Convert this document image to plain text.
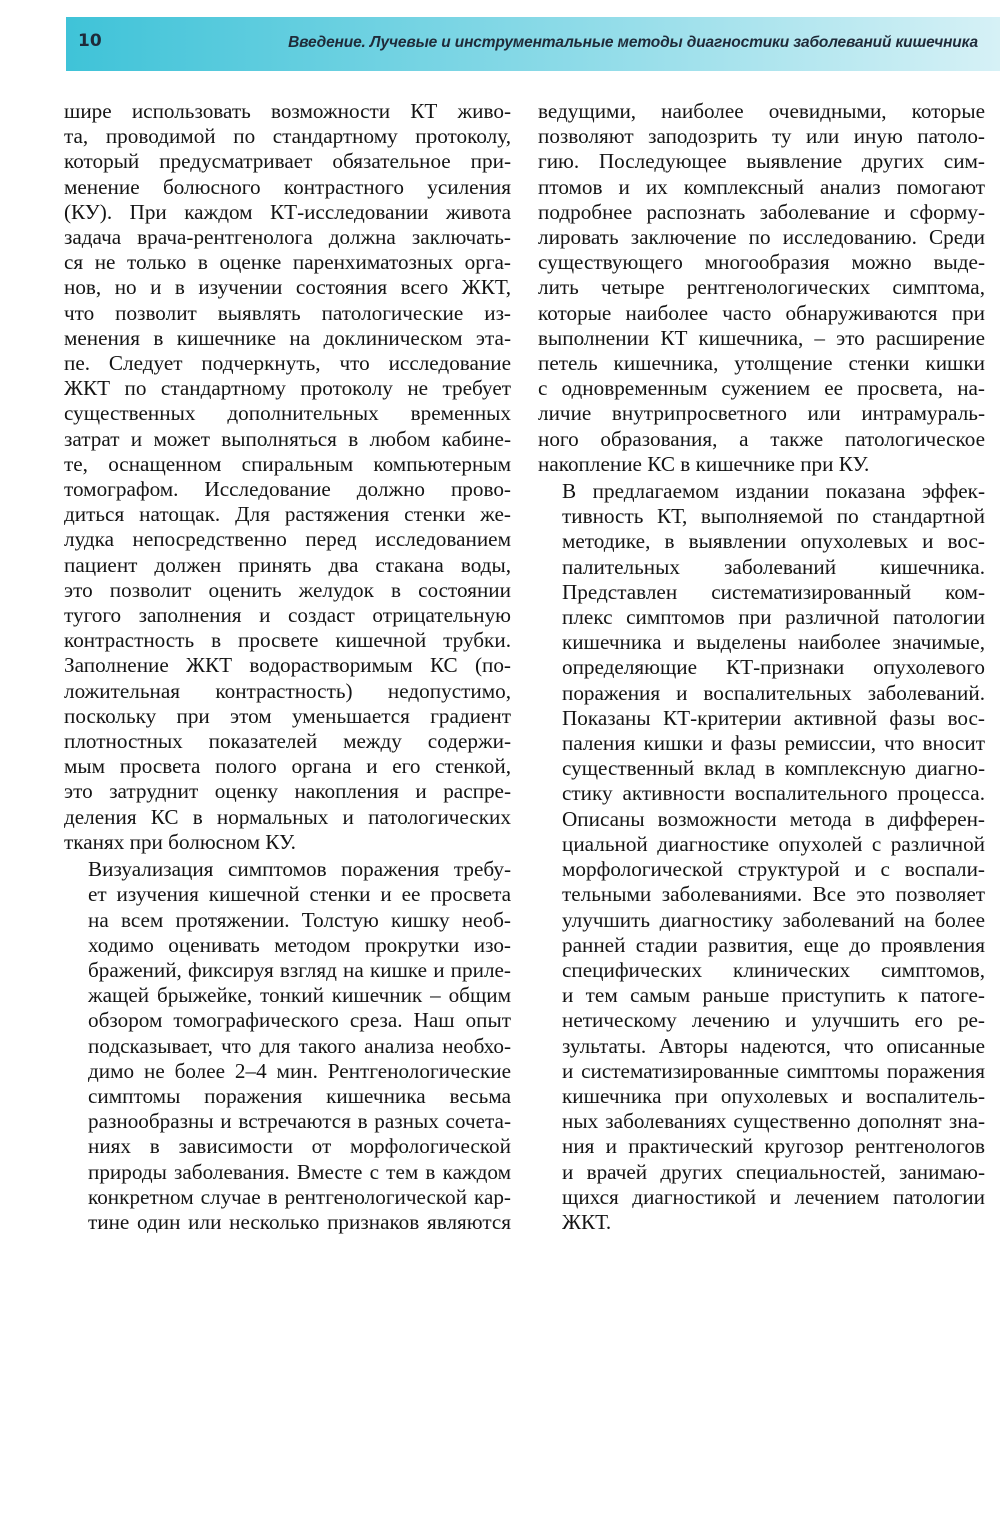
10	Введение. Лучевые и инструментальные методы диагностики заболеваний кишечника

шире использовать возможности КТ живо-
та, проводимой по стандартному протоколу,
который предусматривает обязательное при-
менение болюсного контрастного усиления
(КУ). При каждом КТ-исследовании живота
задача врача-рентгенолога должна заключать-
ся не только в оценке паренхиматозных орга-
нов, но и в изучении состояния всего ЖКТ,
что позволит выявлять патологические из-
менения в кишечнике на доклиническом эта-
пе. Следует подчеркнуть, что исследование
ЖКТ по стандартному протоколу не требует
существенных дополнительных временных
затрат и может выполняться в любом кабине-
те, оснащенном спиральным компьютерным
томографом. Исследование должно прово-
диться натощак. Для растяжения стенки же-
лудка непосредственно перед исследованием
пациент должен принять два стакана воды,
это позволит оценить желудок в состоянии
тугого заполнения и создаст отрицательную
контрастность в просвете кишечной трубки.
Заполнение ЖКТ водорастворимым КС (по-
ложительная контрастность) недопустимо,
поскольку при этом уменьшается градиент
плотностных показателей между содержи-
мым просвета полого органа и его стенкой,
это затруднит оценку накопления и распре-
деления КС в нормальных и патологических
тканях при болюсном КУ.

Визуализация симптомов поражения требу-
ет изучения кишечной стенки и ее просвета
на всем протяжении. Толстую кишку необ-
ходимо оценивать методом прокрутки изо-
бражений, фиксируя взгляд на кишке и приле-
жащей брыжейке, тонкий кишечник – общим
обзором томографического среза. Наш опыт
подсказывает, что для такого анализа необхо-
димо не более 2–4 мин. Рентгенологические
симптомы поражения кишечника весьма
разнообразны и встречаются в разных сочета-
ниях в зависимости от морфологической
природы заболевания. Вместе с тем в каждом
конкретном случае в рентгенологической кар-
тине один или несколько признаков являются

ведущими, наиболее очевидными, которые
позволяют заподозрить ту или иную патоло-
гию. Последующее выявление других сим-
птомов и их комплексный анализ помогают
подробнее распознать заболевание и сформу-
лировать заключение по исследованию. Среди
существующего многообразия можно выде-
лить четыре рентгенологических симптома,
которые наиболее часто обнаруживаются при
выполнении КТ кишечника, – это расширение
петель кишечника, утолщение стенки кишки
с одновременным сужением ее просвета, на-
личие внутрипросветного или интрамураль-
ного образования, а также патологическое
накопление КС в кишечнике при КУ.

В предлагаемом издании показана эффек-
тивность КТ, выполняемой по стандартной
методике, в выявлении опухолевых и вос-
палительных заболеваний кишечника.
Представлен систематизированный ком-
плекс симптомов при различной патологии
кишечника и выделены наиболее значимые,
определяющие КТ-признаки опухолевого
поражения и воспалительных заболеваний.
Показаны КТ-критерии активной фазы вос-
паления кишки и фазы ремиссии, что вносит
существенный вклад в комплексную диагно-
стику активности воспалительного процесса.
Описаны возможности метода в дифферен-
циальной диагностике опухолей с различной
морфологической структурой и с воспали-
тельными заболеваниями. Все это позволяет
улучшить диагностику заболеваний на более
ранней стадии развития, еще до проявления
специфических клинических симптомов,
и тем самым раньше приступить к патоге-
нетическому лечению и улучшить его ре-
зультаты. Авторы надеются, что описанные
и систематизированные симптомы поражения
кишечника при опухолевых и воспалитель-
ных заболеваниях существенно дополнят зна-
ния и практический кругозор рентгенологов
и врачей других специальностей, занимаю-
щихся диагностикой и лечением патологии
ЖКТ.
